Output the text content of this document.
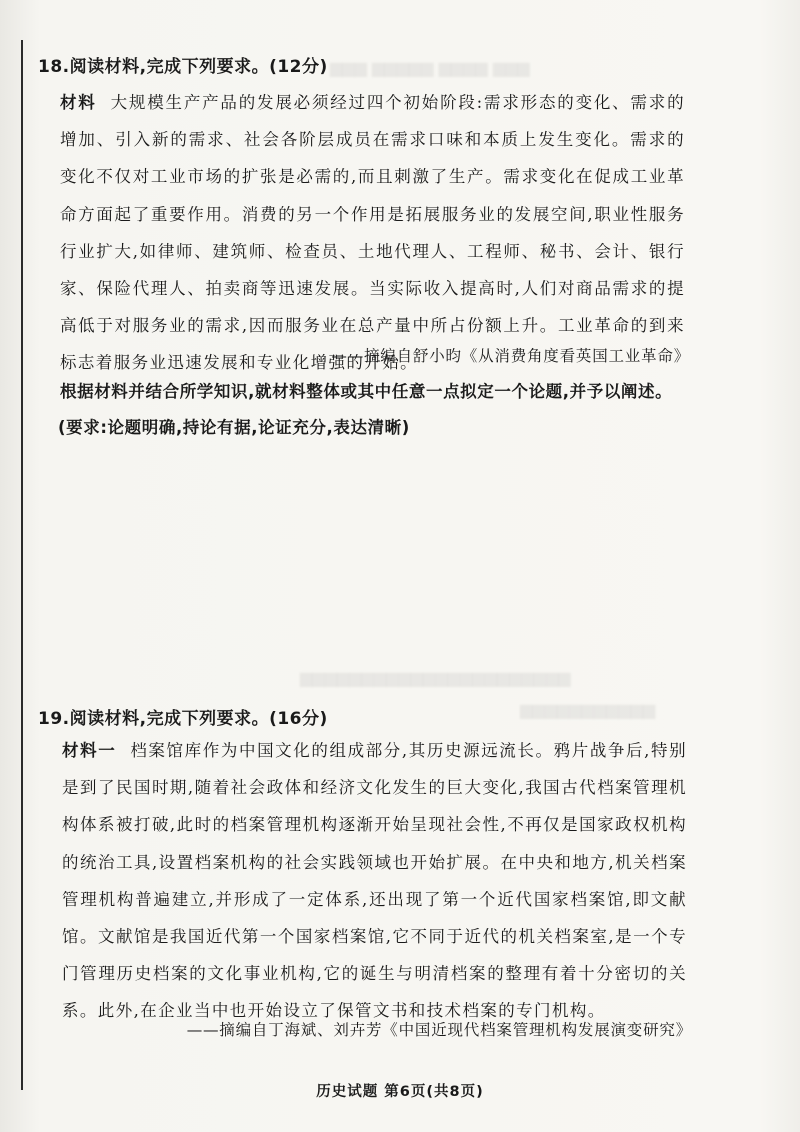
▆▆▆ ▆▆▆▆▆ ▆▆▆▆ ▆▆▆
▆▆▆▆▆▆▆▆▆▆▆▆▆▆▆▆▆▆▆▆▆▆
▆▆▆▆▆▆▆▆▆▆▆
18.阅读材料,完成下列要求。(12分)

材料 大规模生产产品的发展必须经过四个初始阶段:需求形态的变化、需求的增加、引入新的需求、社会各阶层成员在需求口味和本质上发生变化。需求的变化不仅对工业市场的扩张是必需的,而且刺激了生产。需求变化在促成工业革命方面起了重要作用。消费的另一个作用是拓展服务业的发展空间,职业性服务行业扩大,如律师、建筑师、检查员、土地代理人、工程师、秘书、会计、银行家、保险代理人、拍卖商等迅速发展。当实际收入提高时,人们对商品需求的提高低于对服务业的需求,因而服务业在总产量中所占份额上升。工业革命的到来标志着服务业迅速发展和专业化增强的开始。

——摘编自舒小昀《从消费角度看英国工业革命》
根据材料并结合所学知识,就材料整体或其中任意一点拟定一个论题,并予以阐述。
(要求:论题明确,持论有据,论证充分,表达清晰)
19.阅读材料,完成下列要求。(16分)

材料一 档案馆库作为中国文化的组成部分,其历史源远流长。鸦片战争后,特别是到了民国时期,随着社会政体和经济文化发生的巨大变化,我国古代档案管理机构体系被打破,此时的档案管理机构逐渐开始呈现社会性,不再仅是国家政权机构的统治工具,设置档案机构的社会实践领域也开始扩展。在中央和地方,机关档案管理机构普遍建立,并形成了一定体系,还出现了第一个近代国家档案馆,即文献馆。文献馆是我国近代第一个国家档案馆,它不同于近代的机关档案室,是一个专门管理历史档案的文化事业机构,它的诞生与明清档案的整理有着十分密切的关系。此外,在企业当中也开始设立了保管文书和技术档案的专门机构。

——摘编自丁海斌、刘卉芳《中国近现代档案管理机构发展演变研究》
历史试题 第6页(共8页)
